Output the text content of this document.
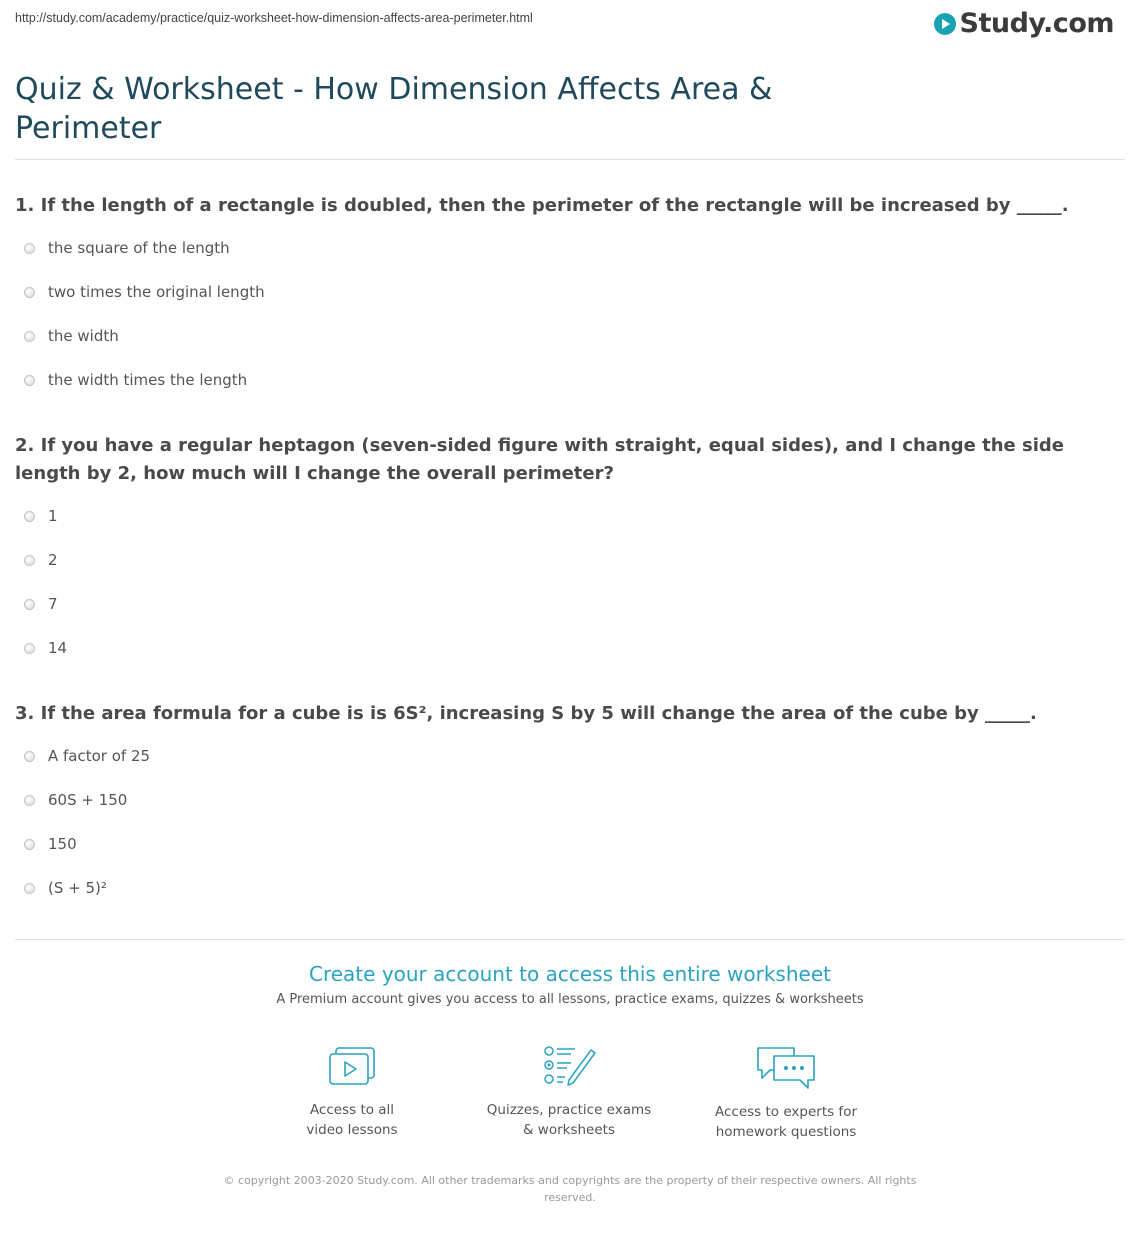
http://study.com/academy/practice/quiz-worksheet-how-dimension-affects-area-perimeter.html	Study.com
Quiz & Worksheet - How Dimension Affects Area & Perimeter

1. If the length of a rectangle is doubled, then the perimeter of the rectangle will be increased by _____.

the square of the length
two times the original length
the width
the width times the length

2. If you have a regular heptagon (seven-sided figure with straight, equal sides), and I change the side length by 2, how much will I change the overall perimeter?

1
2
7
14

3. If the area formula for a cube is is 6S², increasing S by 5 will change the area of the cube by _____.

A factor of 25
60S + 150
150
(S + 5)²
Create your account to access this entire worksheet
A Premium account gives you access to all lessons, practice exams, quizzes & worksheets
Access to all
video lessons
Quizzes, practice exams
& worksheets
Access to experts for
homework questions
© copyright 2003-2020 Study.com. All other trademarks and copyrights are the property of their respective owners. All rights reserved.
